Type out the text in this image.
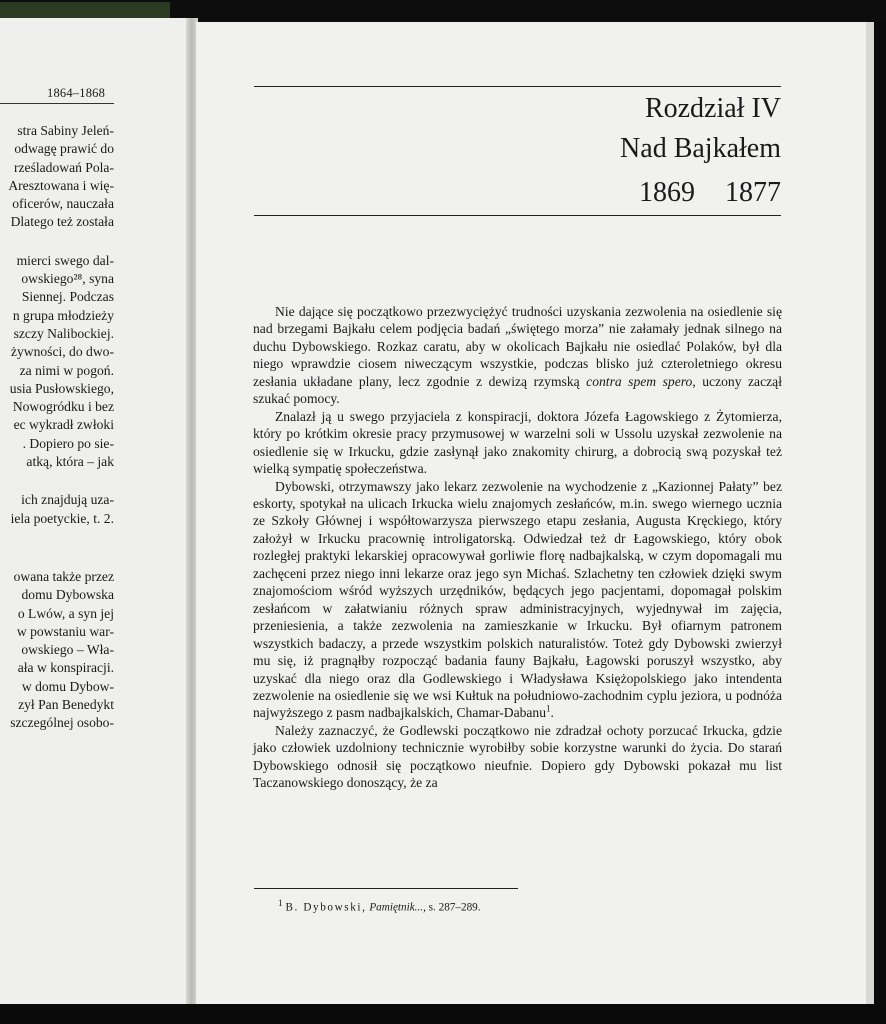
1864–1868
stra Sabiny Jeleń-
odwagę prawić do
rześladowań Pola-
Aresztowana i wię-
oficerów, nauczała
Dlatego też została
mierci swego dal-
owskiego²⁸, syna
Siennej. Podczas
n grupa młodzieży
szczy Nalibockiej.
żywności, do dwo-
za nimi w pogoń.
usia Pusłowskiego,
Nowogródku i bez
ec wykradł zwłoki
. Dopiero po sie-
atką, która – jak
ich znajdują uza-
iela poetyckie, t. 2.
owana także przez
domu Dybowska
o Lwów, a syn jej
w powstaniu war-
owskiego – Wła-
ała w konspiracji.
w domu Dybow-
zył Pan Benedykt
szczególnej osobo-
Rozdział IV
Nad Bajkałem
1869 1877

Nie dające się początkowo przezwyciężyć trudności uzyskania zezwolenia na osiedlenie się nad brzegami Bajkału celem podjęcia badań „świętego morza” nie załamały jednak silnego na duchu Dybowskiego. Rozkaz caratu, aby w okolicach Bajkału nie osiedlać Polaków, był dla niego wprawdzie ciosem niweczącym wszystkie, podczas blisko już czteroletniego okresu zesłania układane plany, lecz zgodnie z dewizą rzymską contra spem spero, uczony zaczął szukać pomocy.

Znalazł ją u swego przyjaciela z konspiracji, doktora Józefa Łagowskiego z Żytomierza, który po krótkim okresie pracy przymusowej w warzelni soli w Ussolu uzyskał zezwolenie na osiedlenie się w Irkucku, gdzie zasłynął jako znakomity chirurg, a dobrocią swą pozyskał też wielką sympatię społeczeństwa.

Dybowski, otrzymawszy jako lekarz zezwolenie na wychodzenie z „Kazionnej Pałaty” bez eskorty, spotykał na ulicach Irkucka wielu znajomych zesłańców, m.in. swego wiernego ucznia ze Szkoły Głównej i współtowarzysza pierwszego etapu zesłania, Augusta Kręckiego, który założył w Irkucku pracownię introligatorską. Odwiedzał też dr Łagowskiego, który obok rozległej praktyki lekarskiej opracowywał gorliwie florę nadbajkalską, w czym dopomagali mu zachęceni przez niego inni lekarze oraz jego syn Michaś. Szlachetny ten człowiek dzięki swym znajomościom wśród wyższych urzędników, będących jego pacjentami, dopomagał polskim zesłańcom w załatwianiu różnych spraw administracyjnych, wyjednywał im zajęcia, przeniesienia, a także zezwolenia na zamieszkanie w Irkucku. Był ofiarnym patronem wszystkich badaczy, a przede wszystkim polskich naturalistów. Toteż gdy Dybowski zwierzył mu się, iż pragnąłby rozpocząć badania fauny Bajkału, Łagowski poruszył wszystko, aby uzyskać dla niego oraz dla Godlewskiego i Władysława Księżopolskiego jako intendenta zezwolenie na osiedlenie się we wsi Kułtuk na południowo-zachodnim cyplu jeziora, u podnóża najwyższego z pasm nadbajkalskich, Chamar-Dabanu$^1$.

Należy zaznaczyć, że Godlewski początkowo nie zdradzał ochoty porzucać Irkucka, gdzie jako człowiek uzdolniony technicznie wyrobiłby sobie korzystne warunki do życia. Do starań Dybowskiego odnosił się początkowo nieufnie. Dopiero gdy Dybowski pokazał mu list Taczanowskiego donoszący, że za

$^1$ B. Dybowski, Pamiętnik..., s. 287–289.
